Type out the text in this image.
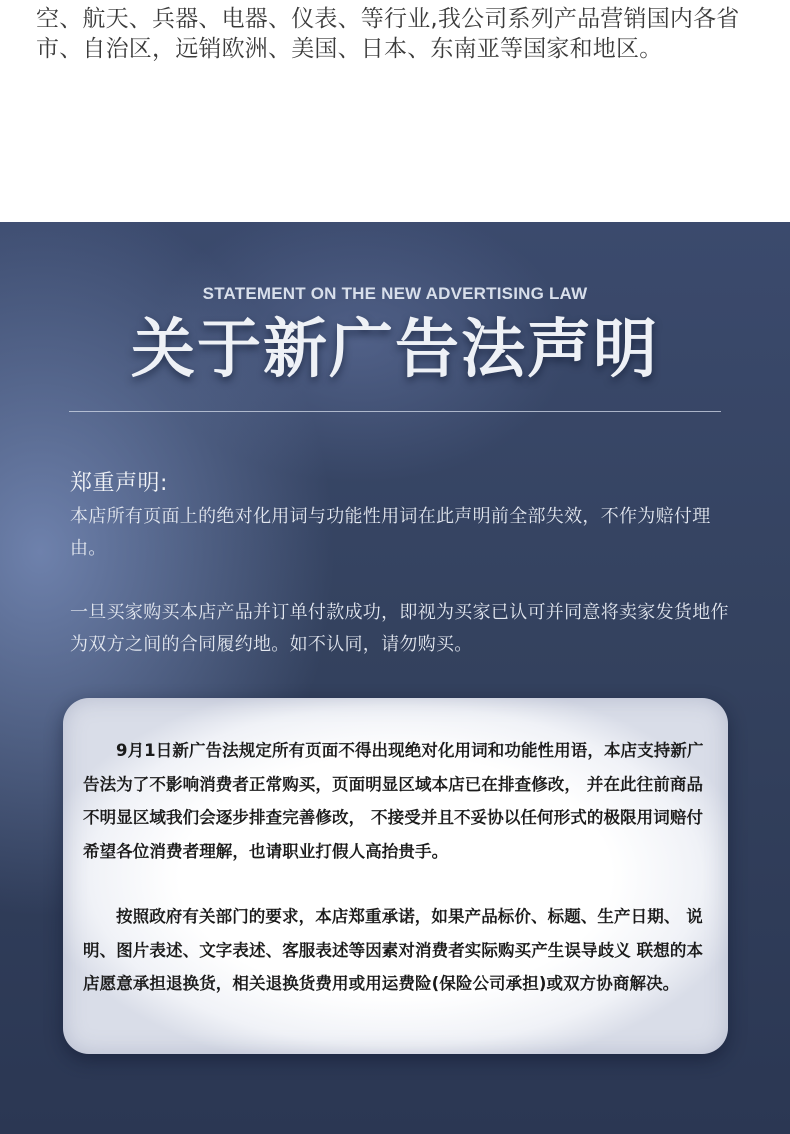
空、航天、兵器、电器、仪表、等行业,我公司系列产品营销国内各省市、自治区，远销欧洲、美国、日本、东南亚等国家和地区。
STATEMENT ON THE NEW ADVERTISING LAW
关于新广告法声明
郑重声明:

本店所有页面上的绝对化用词与功能性用词在此声明前全部失效，不作为赔付理由。

一旦买家购买本店产品并订单付款成功，即视为买家已认可并同意将卖家发货地作为双方之间的合同履约地。如不认同，请勿购买。

9月1日新广告法规定所有页面不得出现绝对化用词和功能性用语，本店支持新广告法为了不影响消费者正常购买，页面明显区域本店已在排查修改， 并在此往前商品不明显区域我们会逐步排查完善修改， 不接受并且不妥协以任何形式的极限用词赔付希望各位消费者理解，也请职业打假人高抬贵手。

按照政府有关部门的要求，本店郑重承诺，如果产品标价、标题、生产日期、 说明、图片表述、文字表述、客服表述等因素对消费者实际购买产生误导歧义 联想的本店愿意承担退换货，相关退换货费用或用运费险(保险公司承担)或双方协商解决。
